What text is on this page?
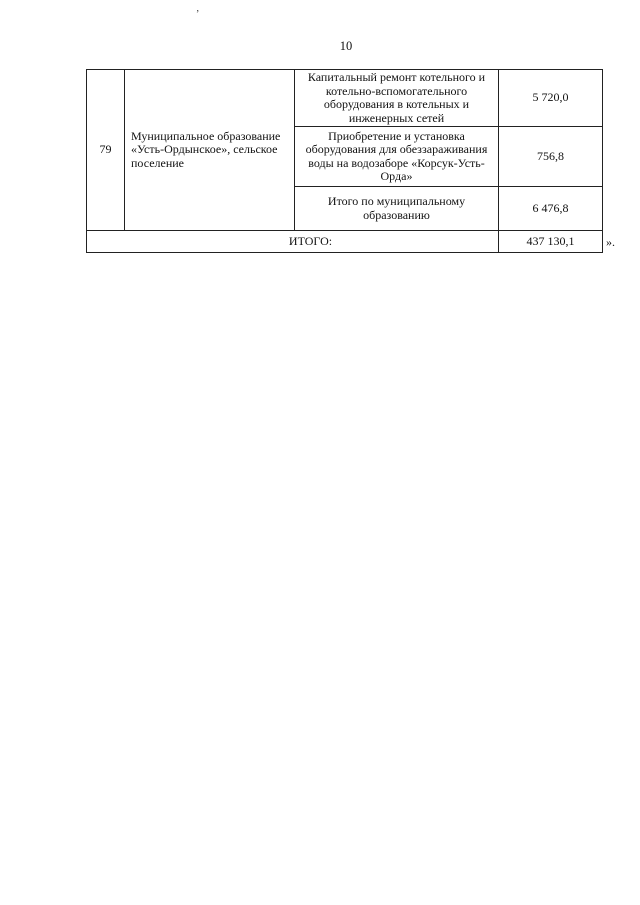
ʼ
10
79	Муниципальное образование «Усть-Ордынское», сельское поселение	Капитальный ремонт котельного и котельно-вспомогательного оборудования в котельных и инженерных сетей	5 720,0
		Приобретение и установка оборудования для обеззараживания воды на водозаборе «Корсук-Усть-Орда»	756,8
		Итого по муниципальному образованию	6 476,8
ИТОГО:			437 130,1	».
